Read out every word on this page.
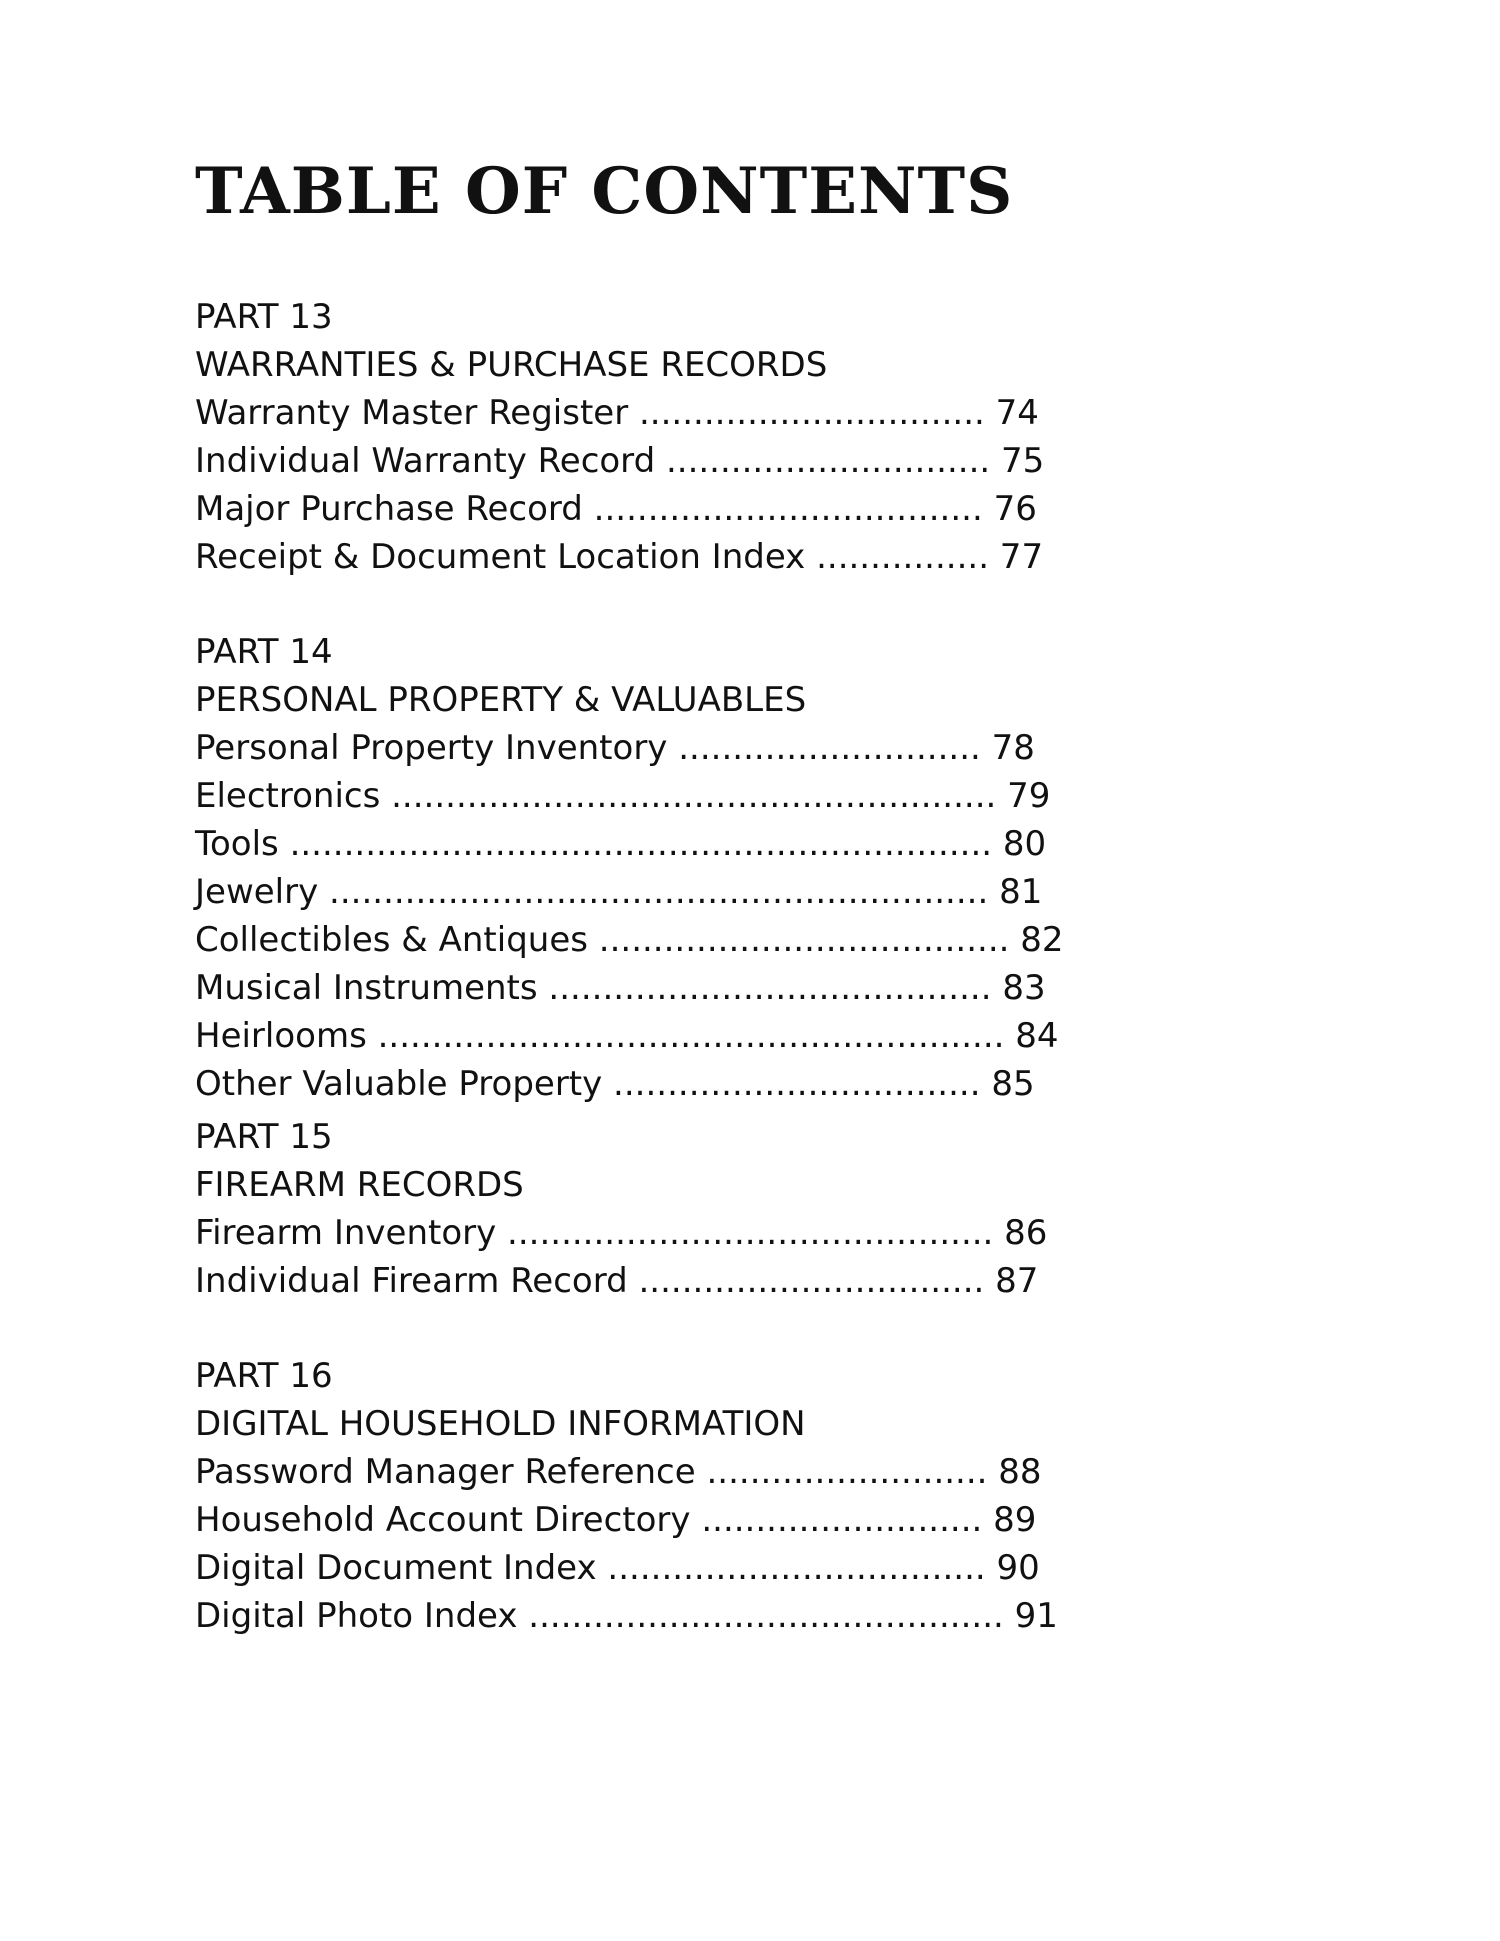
TABLE OF CONTENTS
PART 13
WARRANTIES & PURCHASE RECORDS
Warranty Master Register ................................ 74
Individual Warranty Record .............................. 75
Major Purchase Record .................................... 76
Receipt & Document Location Index ................ 77
PART 14
PERSONAL PROPERTY & VALUABLES
Personal Property Inventory ............................ 78
Electronics ........................................................ 79
Tools ................................................................. 80
Jewelry ............................................................. 81
Collectibles & Antiques ...................................... 82
Musical Instruments ......................................... 83
Heirlooms .......................................................... 84
Other Valuable Property .................................. 85
PART 15
FIREARM RECORDS
Firearm Inventory ............................................. 86
Individual Firearm Record ................................ 87
PART 16
DIGITAL HOUSEHOLD INFORMATION
Password Manager Reference .......................... 88
Household Account Directory .......................... 89
Digital Document Index ................................... 90
Digital Photo Index ............................................ 91
